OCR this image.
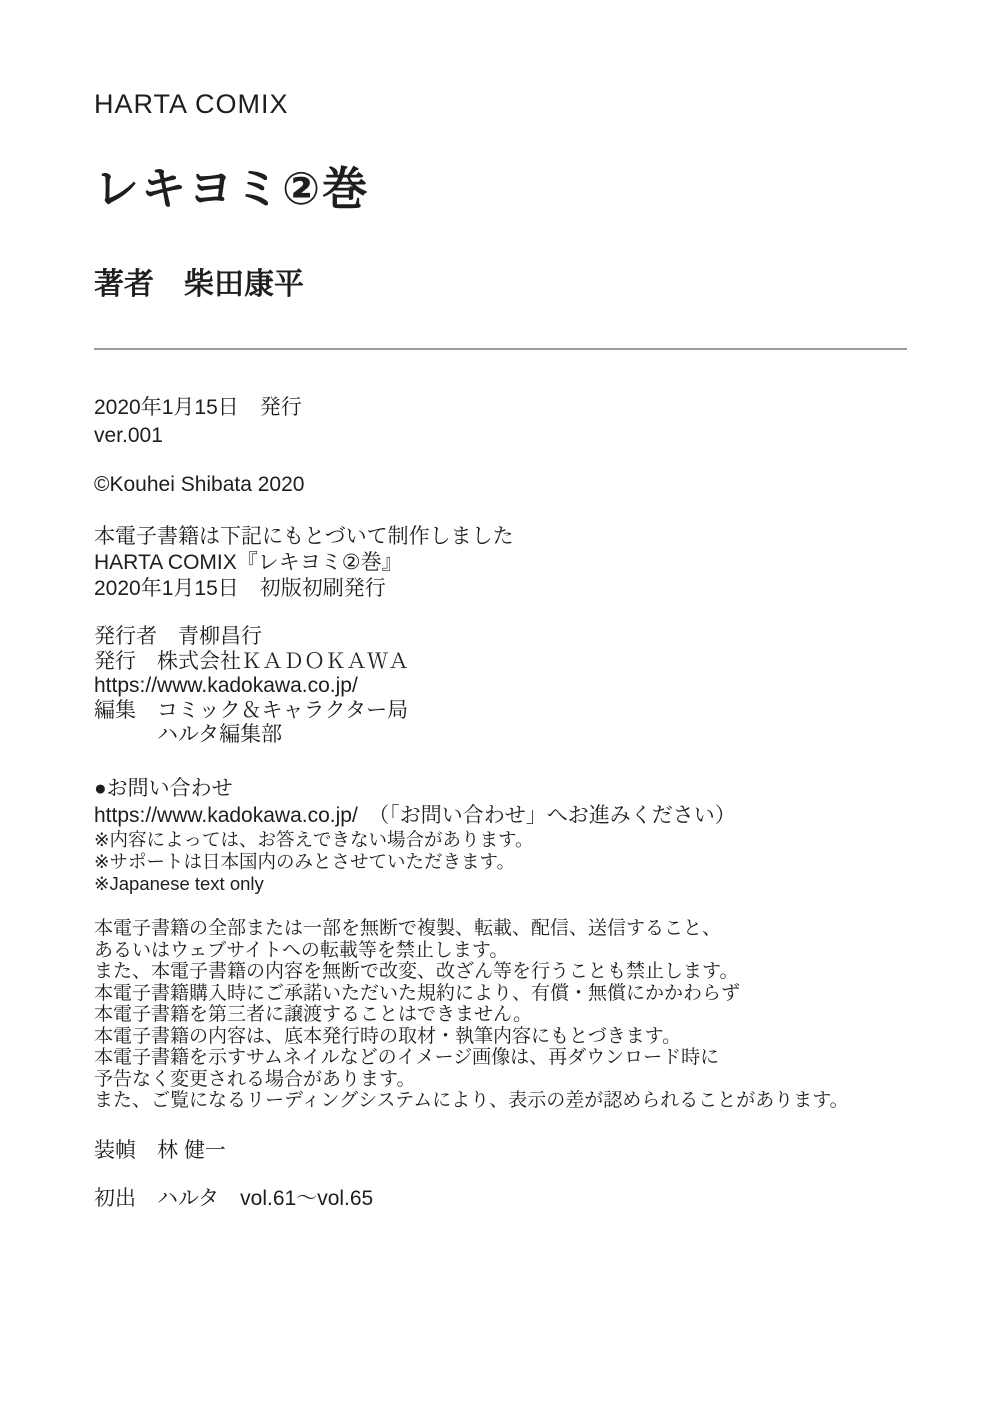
HARTA COMIX
レキヨミ②巻
著者　柴田康平
2020年1月15日　発行
ver.001
©Kouhei Shibata 2020
本電子書籍は下記にもとづいて制作しました
HARTA COMIX『レキヨミ②巻』
2020年1月15日　初版初刷発行
発行者　青柳昌行
発行　株式会社ＫＡＤＯＫＡＷＡ
https://www.kadokawa.co.jp/
編集　コミック＆キャラクター局
　　　ハルタ編集部
●お問い合わせ
https://www.kadokawa.co.jp/　（「お問い合わせ」へお進みください）
※内容によっては、お答えできない場合があります。
※サポートは日本国内のみとさせていただきます。
※Japanese text only
本電子書籍の全部または一部を無断で複製、転載、配信、送信すること、
あるいはウェブサイトへの転載等を禁止します。
また、本電子書籍の内容を無断で改変、改ざん等を行うことも禁止します。
本電子書籍購入時にご承諾いただいた規約により、有償・無償にかかわらず
本電子書籍を第三者に譲渡することはできません。
本電子書籍の内容は、底本発行時の取材・執筆内容にもとづきます。
本電子書籍を示すサムネイルなどのイメージ画像は、再ダウンロード時に
予告なく変更される場合があります。
また、ご覧になるリーディングシステムにより、表示の差が認められることがあります。
装幀　林 健一
初出　ハルタ　vol.61～vol.65
